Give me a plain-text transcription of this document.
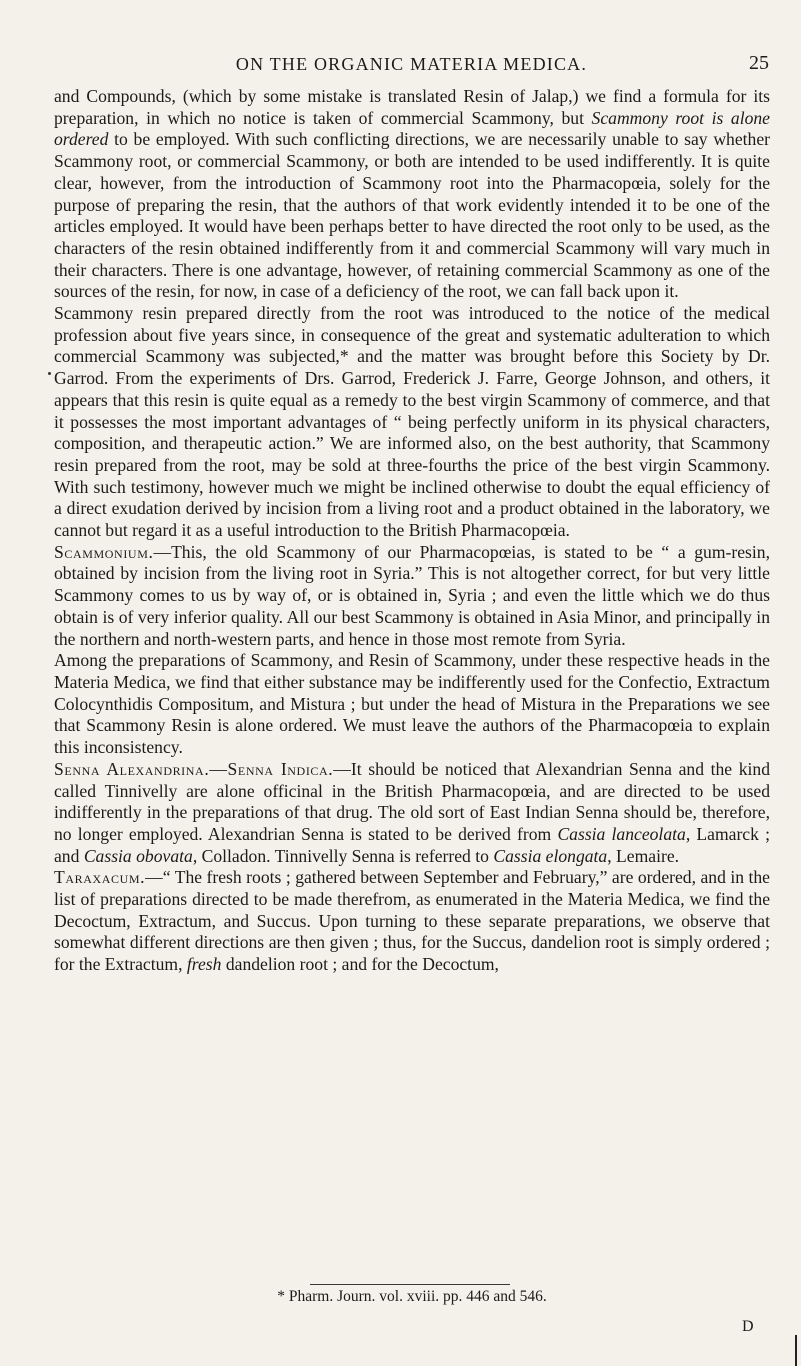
ON THE ORGANIC MATERIA MEDICA.	25

and Compounds, (which by some mistake is translated Resin of Jalap,) we find a formula for its preparation, in which no notice is taken of commercial Scammony, but Scammony root is alone ordered to be employed. With such conflicting directions, we are necessarily unable to say whether Scammony root, or commercial Scammony, or both are intended to be used indifferently. It is quite clear, however, from the introduction of Scammony root into the Pharmacopœia, solely for the purpose of preparing the resin, that the authors of that work evidently intended it to be one of the articles employed. It would have been perhaps better to have directed the root only to be used, as the characters of the resin obtained indifferently from it and commercial Scammony will vary much in their characters. There is one advantage, however, of retaining commercial Scammony as one of the sources of the resin, for now, in case of a deficiency of the root, we can fall back upon it.

Scammony resin prepared directly from the root was introduced to the notice of the medical profession about five years since, in consequence of the great and systematic adulteration to which commercial Scammony was subjected,* and the matter was brought before this Society by Dr. Garrod. From the experiments of Drs. Garrod, Frederick J. Farre, George Johnson, and others, it appears that this resin is quite equal as a remedy to the best virgin Scammony of commerce, and that it possesses the most important advantages of “ being perfectly uniform in its physical characters, composition, and therapeutic action.” We are informed also, on the best authority, that Scammony resin prepared from the root, may be sold at three-fourths the price of the best virgin Scammony. With such testimony, however much we might be inclined otherwise to doubt the equal efficiency of a direct exudation derived by incision from a living root and a product obtained in the laboratory, we cannot but regard it as a useful introduction to the British Pharmacopœia.

Scammonium.—This, the old Scammony of our Pharmacopœias, is stated to be “ a gum-resin, obtained by incision from the living root in Syria.” This is not altogether correct, for but very little Scammony comes to us by way of, or is obtained in, Syria ; and even the little which we do thus obtain is of very inferior quality. All our best Scammony is obtained in Asia Minor, and principally in the northern and north-western parts, and hence in those most remote from Syria.

Among the preparations of Scammony, and Resin of Scammony, under these respective heads in the Materia Medica, we find that either substance may be indifferently used for the Confectio, Extractum Colocynthidis Compositum, and Mistura ; but under the head of Mistura in the Preparations we see that Scammony Resin is alone ordered. We must leave the authors of the Pharmacopœia to explain this inconsistency.

Senna Alexandrina.—Senna Indica.—It should be noticed that Alexandrian Senna and the kind called Tinnivelly are alone officinal in the British Pharmacopœia, and are directed to be used indifferently in the preparations of that drug. The old sort of East Indian Senna should be, therefore, no longer employed. Alexandrian Senna is stated to be derived from Cassia lanceolata, Lamarck ; and Cassia obovata, Colladon. Tinnivelly Senna is referred to Cassia elongata, Lemaire.

Taraxacum.—“ The fresh roots ; gathered between September and February,” are ordered, and in the list of preparations directed to be made therefrom, as enumerated in the Materia Medica, we find the Decoctum, Extractum, and Succus. Upon turning to these separate preparations, we observe that somewhat different directions are then given ; thus, for the Succus, dandelion root is simply ordered ; for the Extractum, fresh dandelion root ; and for the Decoctum,

* Pharm. Journ. vol. xviii. pp. 446 and 546.
D
